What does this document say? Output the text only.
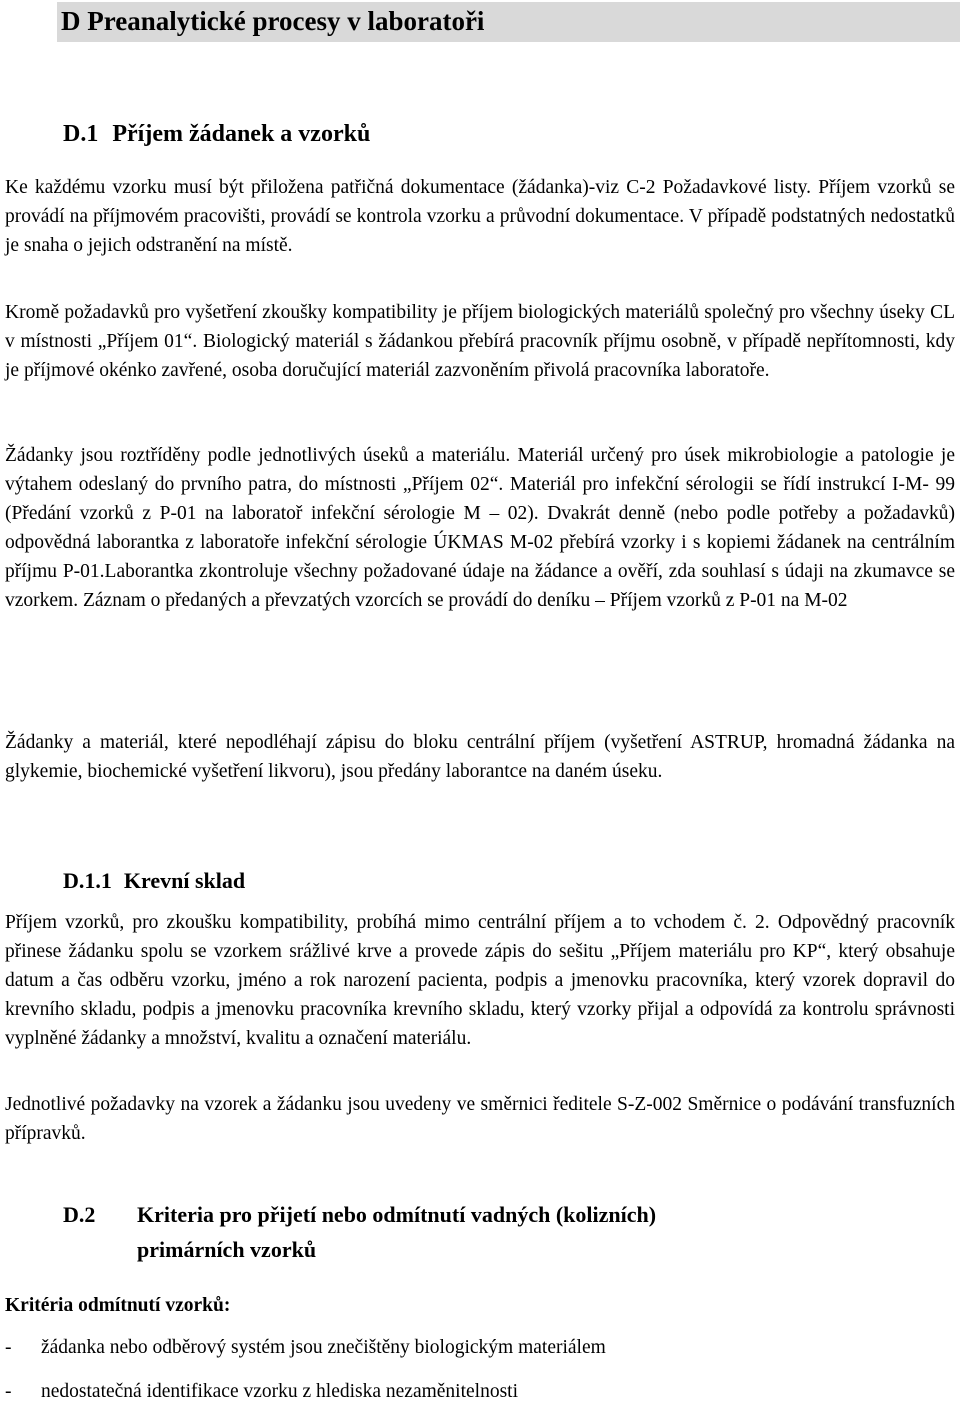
D Preanalytické procesy v laboratoři
D.1 Příjem žádanek a vzorků
Ke každému vzorku musí být přiložena patřičná dokumentace (žádanka)-viz C-2 Požadavkové listy. Příjem vzorků se provádí na příjmovém pracovišti, provádí se kontrola vzorku a průvodní dokumentace. V případě podstatných nedostatků je snaha o jejich odstranění na místě.
Kromě požadavků pro vyšetření zkoušky kompatibility je příjem biologických materiálů společný pro všechny úseky CL v místnosti „Příjem 01“. Biologický materiál s žádankou přebírá pracovník příjmu osobně, v případě nepřítomnosti, kdy je příjmové okénko zavřené, osoba doručující materiál zazvoněním přivolá pracovníka laboratoře.
Žádanky jsou roztříděny podle jednotlivých úseků a materiálu. Materiál určený pro úsek mikrobiologie a patologie je výtahem odeslaný do prvního patra, do místnosti „Příjem 02“. Materiál pro infekční sérologii se řídí instrukcí I-M- 99 (Předání vzorků z P-01 na laboratoř infekční sérologie M – 02). Dvakrát denně (nebo podle potřeby a požadavků) odpovědná laborantka z laboratoře infekční sérologie ÚKMAS M-02 přebírá vzorky i s kopiemi žádanek na centrálním příjmu P-01.Laborantka zkontroluje všechny požadované údaje na žádance a ověří, zda souhlasí s údaji na zkumavce se vzorkem. Záznam o předaných a převzatých vzorcích se provádí do deníku – Příjem vzorků z P-01 na M-02
Žádanky a materiál, které nepodléhají zápisu do bloku centrální příjem (vyšetření ASTRUP, hromadná žádanka na glykemie, biochemické vyšetření likvoru), jsou předány laborantce na daném úseku.
D.1.1 Krevní sklad
Příjem vzorků, pro zkoušku kompatibility, probíhá mimo centrální příjem a to vchodem č. 2. Odpovědný pracovník přinese žádanku spolu se vzorkem srážlivé krve a provede zápis do sešitu „Příjem materiálu pro KP“, který obsahuje datum a čas odběru vzorku, jméno a rok narození pacienta, podpis a jmenovku pracovníka, který vzorek dopravil do krevního skladu, podpis a jmenovku pracovníka krevního skladu, který vzorky přijal a odpovídá za kontrolu správnosti vyplněné žádanky a množství, kvalitu a označení materiálu.
Jednotlivé požadavky na vzorek a žádanku jsou uvedeny ve směrnici ředitele S-Z-002 Směrnice o podávání transfuzních přípravků.
D.2 Kriteria pro přijetí nebo odmítnutí vadných (kolizních)
primárních vzorků
Kritéria odmítnutí vzorků:
- žádanka nebo odběrový systém jsou znečištěny biologickým materiálem
- nedostatečná identifikace vzorku z hlediska nezaměnitelnosti
